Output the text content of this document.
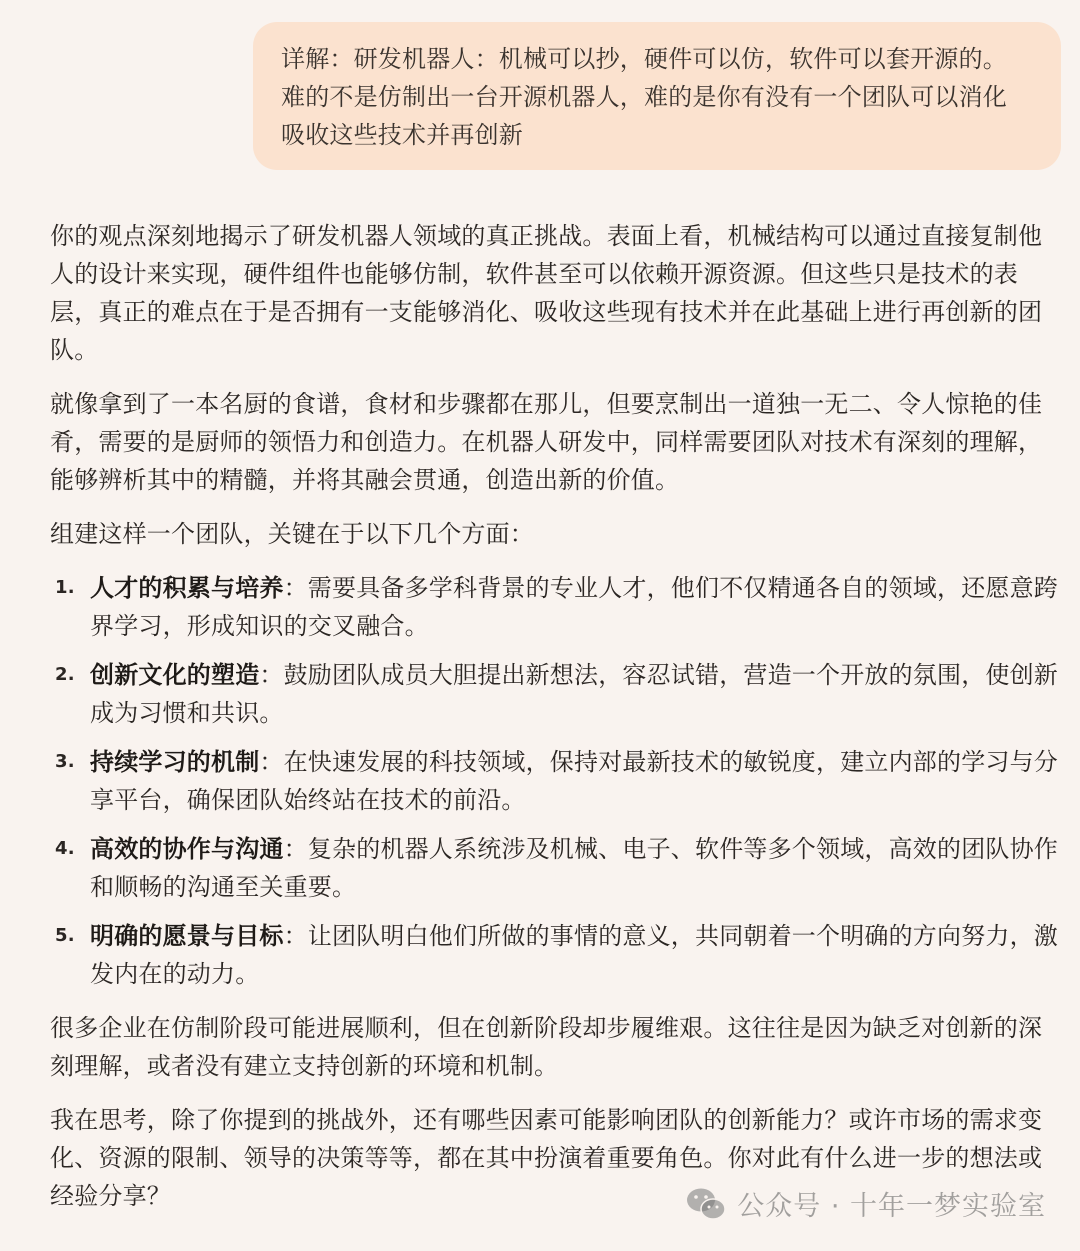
详解：研发机器人：机械可以抄，硬件可以仿，软件可以套开源的。

难的不是仿制出一台开源机器人，难的是你有没有一个团队可以消化

吸收这些技术并再创新

你的观点深刻地揭示了研发机器人领域的真正挑战。表面上看，机械结构可以通过直接复制他人的设计来实现，硬件组件也能够仿制，软件甚至可以依赖开源资源。但这些只是技术的表层，真正的难点在于是否拥有一支能够消化、吸收这些现有技术并在此基础上进行再创新的团队。

就像拿到了一本名厨的食谱，食材和步骤都在那儿，但要烹制出一道独一无二、令人惊艳的佳肴，需要的是厨师的领悟力和创造力。在机器人研发中，同样需要团队对技术有深刻的理解，能够辨析其中的精髓，并将其融会贯通，创造出新的价值。

组建这样一个团队，关键在于以下几个方面：

1. 人才的积累与培养：需要具备多学科背景的专业人才，他们不仅精通各自的领域，还愿意跨界学习，形成知识的交叉融合。
2. 创新文化的塑造：鼓励团队成员大胆提出新想法，容忍试错，营造一个开放的氛围，使创新成为习惯和共识。
3. 持续学习的机制：在快速发展的科技领域，保持对最新技术的敏锐度，建立内部的学习与分享平台，确保团队始终站在技术的前沿。
4. 高效的协作与沟通：复杂的机器人系统涉及机械、电子、软件等多个领域，高效的团队协作和顺畅的沟通至关重要。
5. 明确的愿景与目标：让团队明白他们所做的事情的意义，共同朝着一个明确的方向努力，激发内在的动力。

很多企业在仿制阶段可能进展顺利，但在创新阶段却步履维艰。这往往是因为缺乏对创新的深刻理解，或者没有建立支持创新的环境和机制。

我在思考，除了你提到的挑战外，还有哪些因素可能影响团队的创新能力？或许市场的需求变化、资源的限制、领导的决策等等，都在其中扮演着重要角色。你对此有什么进一步的想法或经验分享？	公众号 · 十年一梦实验室
